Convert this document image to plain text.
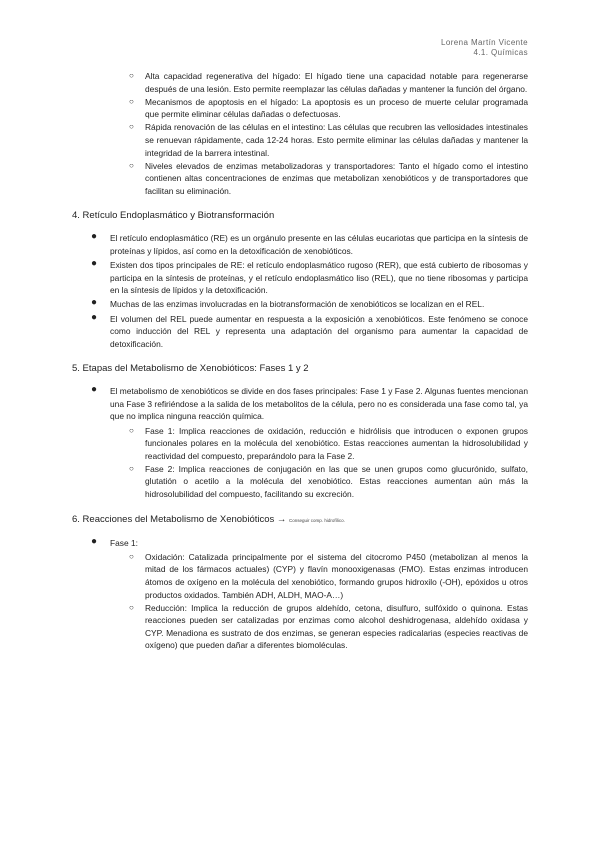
Lorena Martín Vicente
4.1. Químicas
○ Alta capacidad regenerativa del hígado: El hígado tiene una capacidad notable para regenerarse después de una lesión. Esto permite reemplazar las células dañadas y mantener la función del órgano.
○ Mecanismos de apoptosis en el hígado: La apoptosis es un proceso de muerte celular programada que permite eliminar células dañadas o defectuosas.
○ Rápida renovación de las células en el intestino: Las células que recubren las vellosidades intestinales se renuevan rápidamente, cada 12-24 horas. Esto permite eliminar las células dañadas y mantener la integridad de la barrera intestinal.
○ Niveles elevados de enzimas metabolizadoras y transportadores: Tanto el hígado como el intestino contienen altas concentraciones de enzimas que metabolizan xenobióticos y de transportadores que facilitan su eliminación.
4. Retículo Endoplasmático y Biotransformación
● El retículo endoplasmático (RE) es un orgánulo presente en las células eucariotas que participa en la síntesis de proteínas y lípidos, así como en la detoxificación de xenobióticos.
● Existen dos tipos principales de RE: el retículo endoplasmático rugoso (RER), que está cubierto de ribosomas y participa en la síntesis de proteínas, y el retículo endoplasmático liso (REL), que no tiene ribosomas y participa en la síntesis de lípidos y la detoxificación.
● Muchas de las enzimas involucradas en la biotransformación de xenobióticos se localizan en el REL.
● El volumen del REL puede aumentar en respuesta a la exposición a xenobióticos. Este fenómeno se conoce como inducción del REL y representa una adaptación del organismo para aumentar la capacidad de detoxificación.
5. Etapas del Metabolismo de Xenobióticos: Fases 1 y 2
● El metabolismo de xenobióticos se divide en dos fases principales: Fase 1 y Fase 2. Algunas fuentes mencionan una Fase 3 refiriéndose a la salida de los metabolitos de la célula, pero no es considerada una fase como tal, ya que no implica ninguna reacción química.
○ Fase 1: Implica reacciones de oxidación, reducción e hidrólisis que introducen o exponen grupos funcionales polares en la molécula del xenobiótico. Estas reacciones aumentan la hidrosolubilidad y reactividad del compuesto, preparándolo para la Fase 2.
○ Fase 2: Implica reacciones de conjugación en las que se unen grupos como glucurónido, sulfato, glutatión o acetilo a la molécula del xenobiótico. Estas reacciones aumentan aún más la hidrosolubilidad del compuesto, facilitando su excreción.
6. Reacciones del Metabolismo de Xenobióticos → Conseguir comp. hidrofílico.
● Fase 1:
○ Oxidación: Catalizada principalmente por el sistema del citocromo P450 (metabolizan al menos la mitad de los fármacos actuales) (CYP) y flavín monooxigenasas (FMO). Estas enzimas introducen átomos de oxígeno en la molécula del xenobiótico, formando grupos hidroxilo (-OH), epóxidos u otros productos oxidados. También ADH, ALDH, MAO-A…)
○ Reducción: Implica la reducción de grupos aldehído, cetona, disulfuro, sulfóxido o quinona. Estas reacciones pueden ser catalizadas por enzimas como alcohol deshidrogenasa, aldehído oxidasa y CYP. Menadiona es sustrato de dos enzimas, se generan especies radicalarias (especies reactivas de oxígeno) que pueden dañar a diferentes biomoléculas.
